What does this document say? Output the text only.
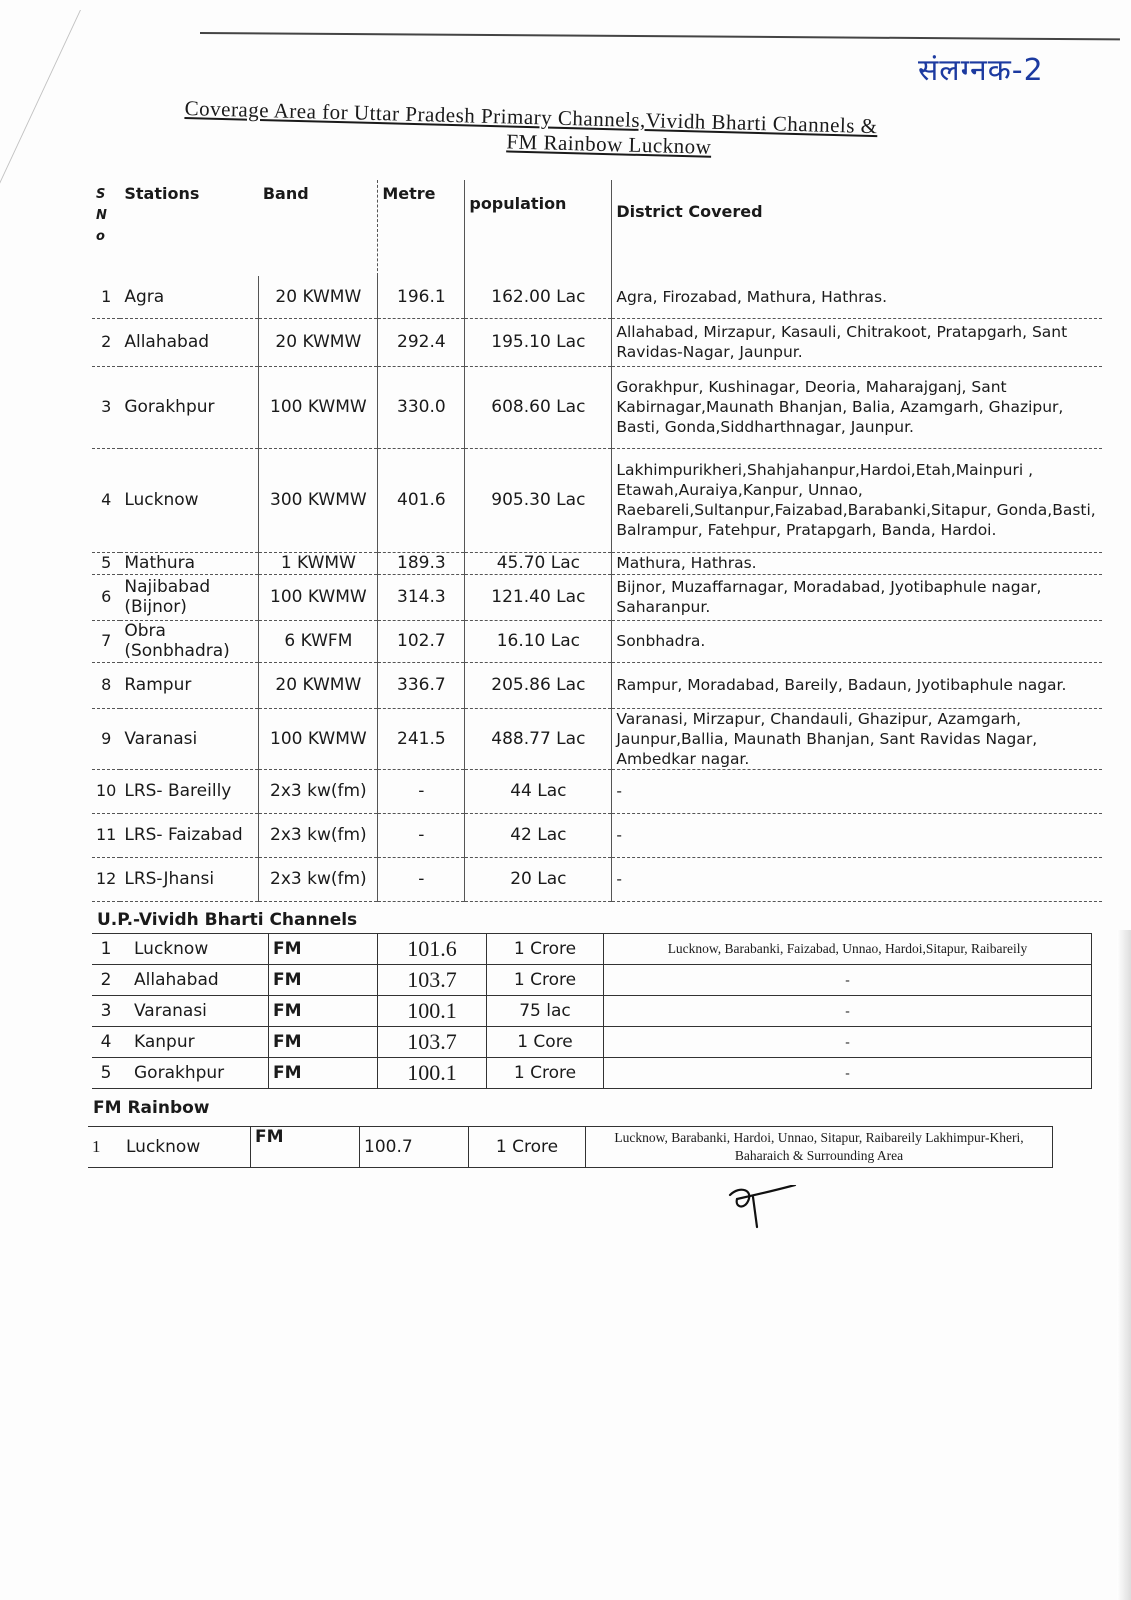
संलग्नक-2
Coverage Area for Uttar Pradesh Primary Channels,Vividh Bharti Channels &
FM Rainbow Lucknow
S N o	Stations	Band	Metre	population	District Covered
1	Agra	20 KWMW	196.1	162.00 Lac	Agra, Firozabad, Mathura, Hathras.
2	Allahabad	20 KWMW	292.4	195.10 Lac	Allahabad, Mirzapur, Kasauli, Chitrakoot, Pratapgarh, Sant Ravidas-Nagar, Jaunpur.
3	Gorakhpur	100 KWMW	330.0	608.60 Lac	Gorakhpur, Kushinagar, Deoria, Maharajganj, Sant Kabirnagar,Maunath Bhanjan, Balia, Azamgarh, Ghazipur, Basti, Gonda,Siddharthnagar, Jaunpur.
4	Lucknow	300 KWMW	401.6	905.30 Lac	Lakhimpurikheri,Shahjahanpur,Hardoi,Etah,Mainpuri , Etawah,Auraiya,Kanpur, Unnao, Raebareli,Sultanpur,Faizabad,Barabanki,Sitapur, Gonda,Basti, Balrampur, Fatehpur, Pratapgarh, Banda, Hardoi.
5	Mathura	1 KWMW	189.3	45.70 Lac	Mathura, Hathras.
6	Najibabad (Bijnor)	100 KWMW	314.3	121.40 Lac	Bijnor, Muzaffarnagar, Moradabad, Jyotibaphule nagar, Saharanpur.
7	Obra (Sonbhadra)	6 KWFM	102.7	16.10 Lac	Sonbhadra.
8	Rampur	20 KWMW	336.7	205.86 Lac	Rampur, Moradabad, Bareily, Badaun, Jyotibaphule nagar.
9	Varanasi	100 KWMW	241.5	488.77 Lac	Varanasi, Mirzapur, Chandauli, Ghazipur, Azamgarh, Jaunpur,Ballia, Maunath Bhanjan, Sant Ravidas Nagar, Ambedkar nagar.
10	LRS- Bareilly	2x3 kw(fm)	-	44 Lac	-
11	LRS- Faizabad	2x3 kw(fm)	-	42 Lac	-
12	LRS-Jhansi	2x3 kw(fm)	-	20 Lac	-
U.P.-Vividh Bharti Channels
1	Lucknow	FM	101.6	1 Crore	Lucknow, Barabanki, Faizabad, Unnao, Hardoi,Sitapur, Raibareily
2	Allahabad	FM	103.7	1 Crore	-
3	Varanasi	FM	100.1	75 lac	-
4	Kanpur	FM	103.7	1 Core	-
5	Gorakhpur	FM	100.1	1 Crore	-
FM Rainbow
1	Lucknow	FM	100.7	1 Crore	Lucknow, Barabanki, Hardoi, Unnao, Sitapur, Raibareily Lakhimpur-Kheri, Baharaich & Surrounding Area
